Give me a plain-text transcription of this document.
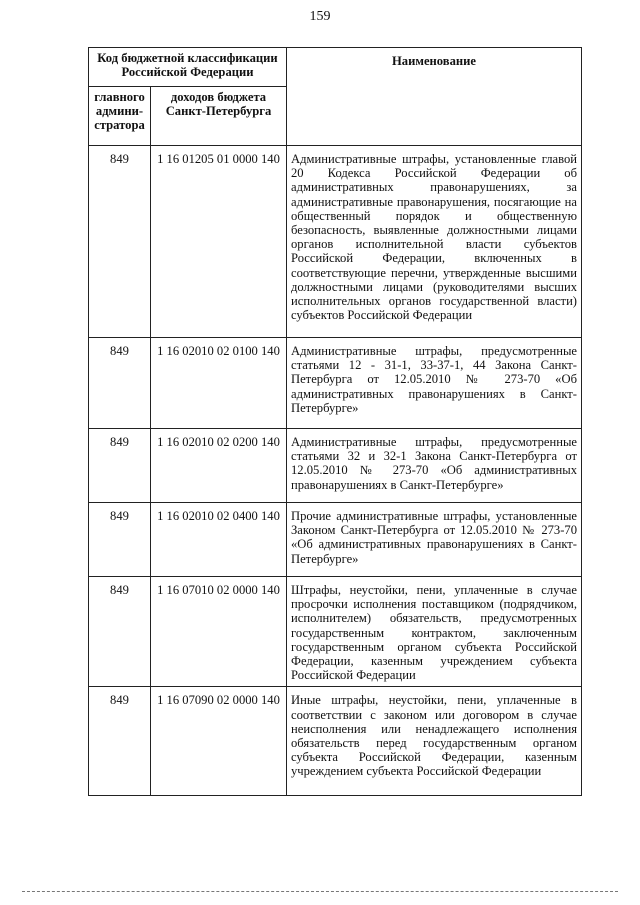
159
Код бюджетной классификации Российской Федерации		Наименование
главного админи-стратора	доходов бюджета Санкт-Петербурга	
849	1 16 01205 01 0000 140	Административные штрафы, установленные главой 20 Кодекса Российской Федерации об административных правонарушениях, за административные правонарушения, посягающие на общественный порядок и общественную безопасность, выявленные должностными лицами органов исполнительной власти субъектов Российской Федерации, включенных в соответствующие перечни, утвержденные высшими должностными лицами (руководителями высших исполнительных органов государственной власти) субъектов Российской Федерации
849	1 16 02010 02 0100 140	Административные штрафы, предусмотренные статьями 12 - 31-1, 33-37-1, 44 Закона Санкт-Петербурга от 12.05.2010 № 273-70 «Об административных правонарушениях в Санкт-Петербурге»
849	1 16 02010 02 0200 140	Административные штрафы, предусмотренные статьями 32 и 32-1 Закона Санкт-Петербурга от 12.05.2010 № 273-70 «Об административных правонарушениях в Санкт-Петербурге»
849	1 16 02010 02 0400 140	Прочие административные штрафы, установленные Законом Санкт-Петербурга от 12.05.2010 № 273-70 «Об административных правонарушениях в Санкт-Петербурге»
849	1 16 07010 02 0000 140	Штрафы, неустойки, пени, уплаченные в случае просрочки исполнения поставщиком (подрядчиком, исполнителем) обязательств, предусмотренных государственным контрактом, заключенным государственным органом субъекта Российской Федерации, казенным учреждением субъекта Российской Федерации
849	1 16 07090 02 0000 140	Иные штрафы, неустойки, пени, уплаченные в соответствии с законом или договором в случае неисполнения или ненадлежащего исполнения обязательств перед государственным органом субъекта Российской Федерации, казенным учреждением субъекта Российской Федерации
